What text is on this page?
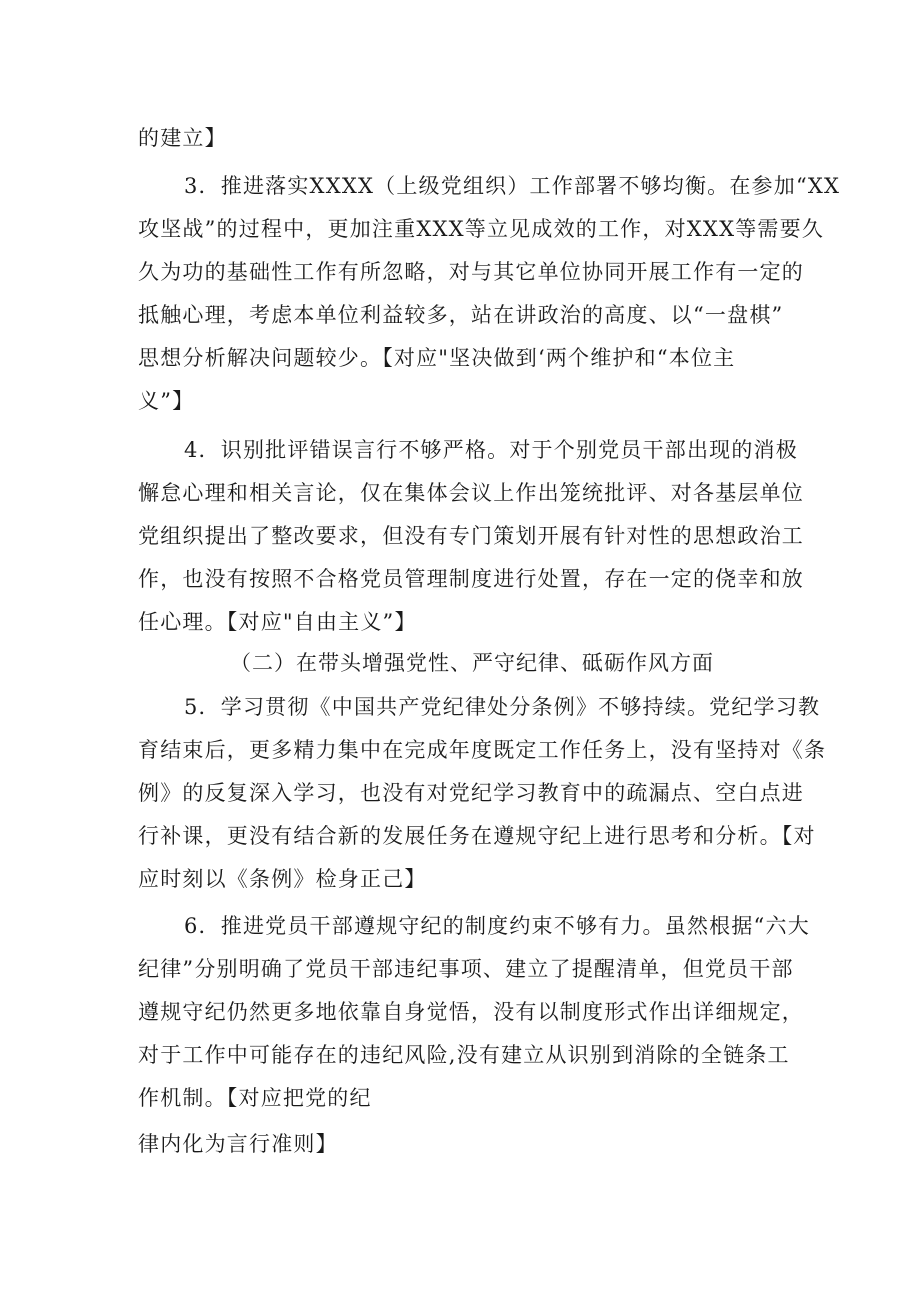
的建立】
3．推进落实XXXX（上级党组织）工作部署不够均衡。在参加“XX
攻坚战”的过程中，更加注重XXX等立见成效的工作，对XXX等需要久
久为功的基础性工作有所忽略，对与其它单位协同开展工作有一定的
抵触心理，考虑本单位利益较多，站在讲政治的高度、以“一盘棋”
思想分析解决问题较少。【对应"坚决做到‘两个维护和“本位主
义”】
4．识别批评错误言行不够严格。对于个别党员干部出现的消极
懈怠心理和相关言论，仅在集体会议上作出笼统批评、对各基层单位
党组织提出了整改要求，但没有专门策划开展有针对性的思想政治工
作，也没有按照不合格党员管理制度进行处置，存在一定的侥幸和放
任心理。【对应"自由主义”】
（二）在带头增强党性、严守纪律、砥砺作风方面
5．学习贯彻《中国共产党纪律处分条例》不够持续。党纪学习教
育结束后，更多精力集中在完成年度既定工作任务上，没有坚持对《条
例》的反复深入学习，也没有对党纪学习教育中的疏漏点、空白点进
行补课，更没有结合新的发展任务在遵规守纪上进行思考和分析。【对
应时刻以《条例》检身正己】
6．推进党员干部遵规守纪的制度约束不够有力。虽然根据“六大
纪律”分别明确了党员干部违纪事项、建立了提醒清单，但党员干部
遵规守纪仍然更多地依靠自身觉悟，没有以制度形式作出详细规定，
对于工作中可能存在的违纪风险,没有建立从识别到消除的全链条工
作机制。【对应把党的纪
律内化为言行准则】
